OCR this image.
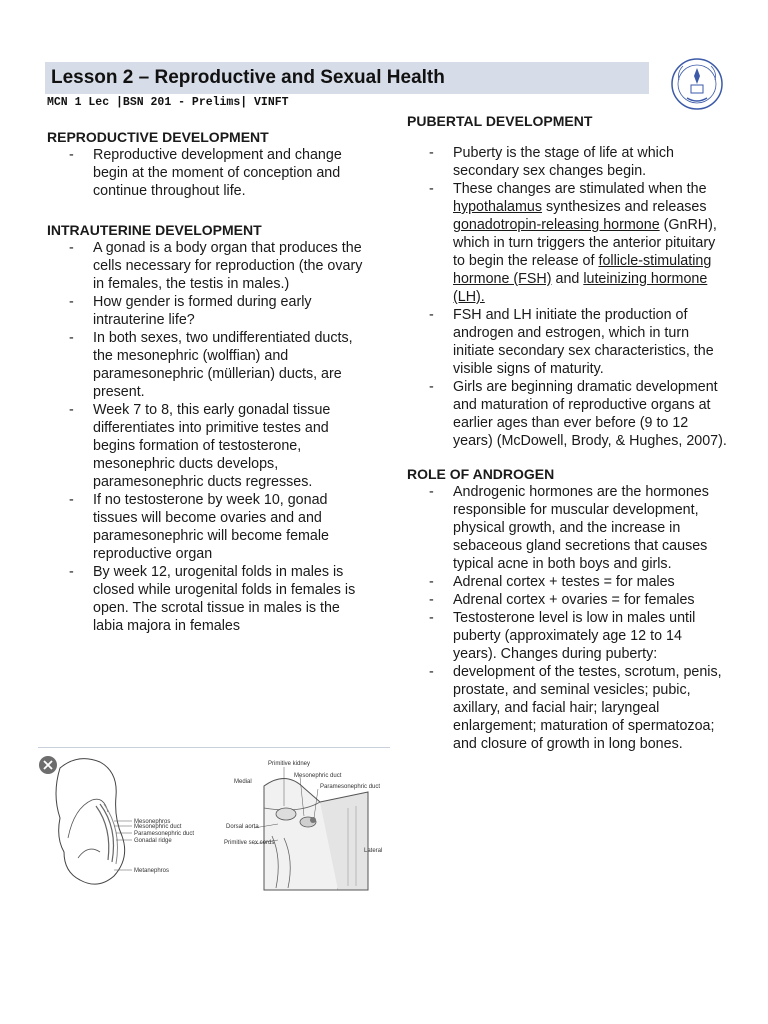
Lesson 2 – Reproductive and Sexual Health
MCN 1 Lec |BSN 201 - Prelims| VINFT

REPRODUCTIVE DEVELOPMENT

- Reproductive development and change begin at the moment of conception and continue throughout life.

INTRAUTERINE DEVELOPMENT

- A gonad is a body organ that produces the cells necessary for reproduction (the ovary in females, the testis in males.)
- How gender is formed during early intrauterine life?
- In both sexes, two undifferentiated ducts, the mesonephric (wolffian) and paramesonephric (müllerian) ducts, are present.
- Week 7 to 8, this early gonadal tissue differentiates into primitive testes and begins formation of testosterone, mesonephric ducts develops, paramesonephric ducts regresses.
- If no testosterone by week 10, gonad tissues will become ovaries and and paramesonephric will become female reproductive organ
- By week 12, urogenital folds in males is closed while urogenital folds in females is open. The scrotal tissue in males is the labia majora in females
Mesonephros
Mesonephric duct
Paramesonephric duct
Gonadal ridge
Metanephros
Primitive kidney
Medial
Mesonephric duct
Paramesonephric duct
Dorsal aorta
Primitive sex cords
Lateral

PUBERTAL DEVELOPMENT

- Puberty is the stage of life at which secondary sex changes begin.
- These changes are stimulated when the hypothalamus synthesizes and releases gonadotropin-releasing hormone (GnRH), which in turn triggers the anterior pituitary to begin the release of follicle-stimulating hormone (FSH) and luteinizing hormone (LH).
- FSH and LH initiate the production of androgen and estrogen, which in turn initiate secondary sex characteristics, the visible signs of maturity.
- Girls are beginning dramatic development and maturation of reproductive organs at earlier ages than ever before (9 to 12 years) (McDowell, Brody, & Hughes, 2007).

ROLE OF ANDROGEN

- Androgenic hormones are the hormones responsible for muscular development, physical growth, and the increase in sebaceous gland secretions that causes typical acne in both boys and girls.
- Adrenal cortex + testes = for males
- Adrenal cortex + ovaries = for females
- Testosterone level is low in males until puberty (approximately age 12 to 14 years). Changes during puberty:
- development of the testes, scrotum, penis, prostate, and seminal vesicles; pubic, axillary, and facial hair; laryngeal enlargement; maturation of spermatozoa; and closure of growth in long bones.
